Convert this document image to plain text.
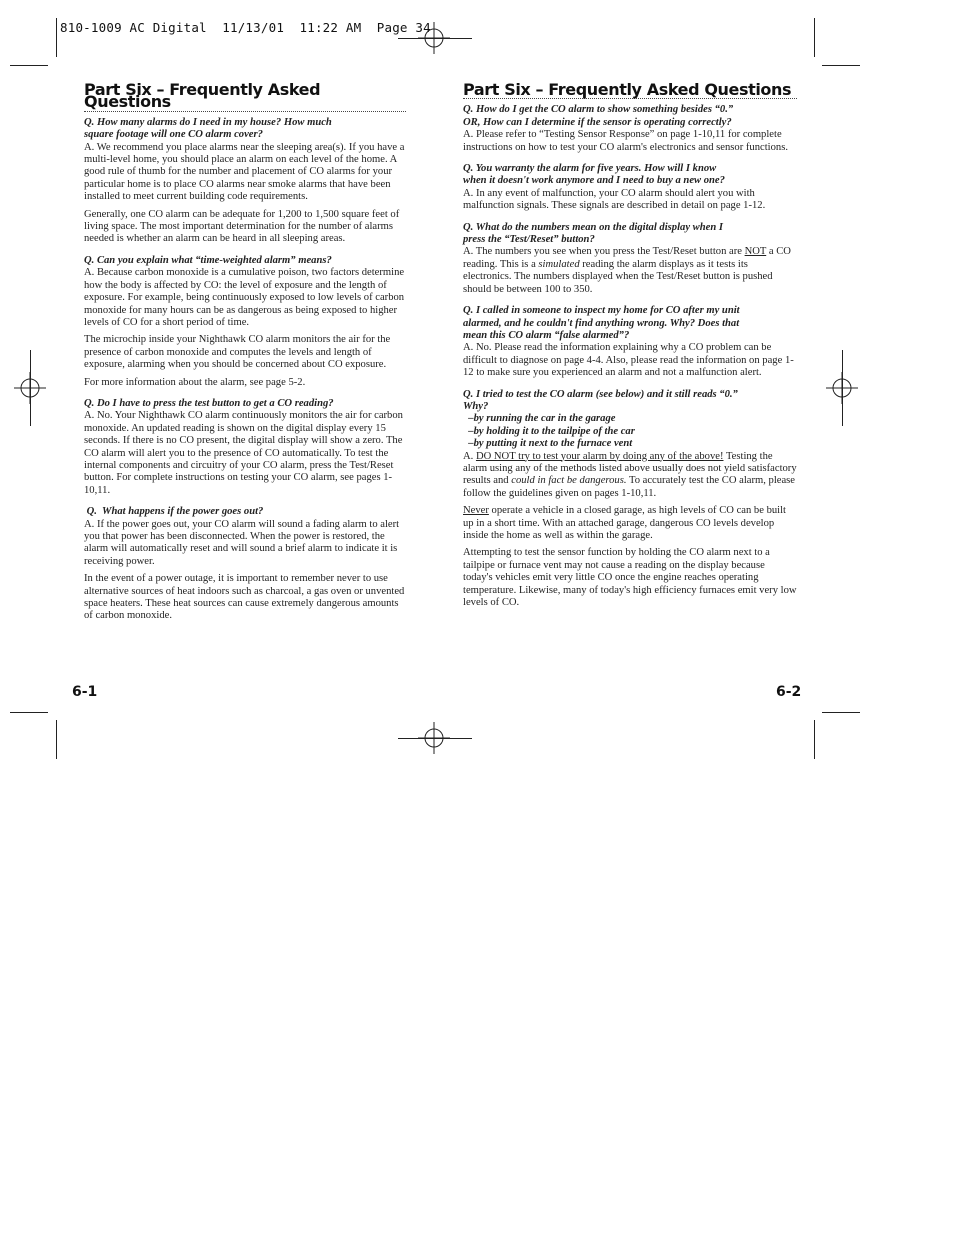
810-1009 AC Digital  11/13/01  11:22 AM  Page 34
Part Six – Frequently Asked Questions
Q. How many alarms do I need in my house? How much
square footage will one CO alarm cover?

A. We recommend you place alarms near the sleeping area(s). If you have a multi-level home, you should place an alarm on each level of the home. A good rule of thumb for the number and placement of CO alarms for your particular home is to place CO alarms near smoke alarms that have been installed to meet current building code requirements.

Generally, one CO alarm can be adequate for 1,200 to 1,500 square feet of living space. The most important determination for the number of alarms needed is whether an alarm can be heard in all sleeping areas.

Q. Can you explain what “time-weighted alarm” means?

A. Because carbon monoxide is a cumulative poison, two factors determine how the body is affected by CO: the level of exposure and the length of exposure. For example, being continuously exposed to low levels of carbon monoxide for many hours can be as dangerous as being exposed to higher levels of CO for a short period of time.

The microchip inside your Nighthawk CO alarm monitors the air for the presence of carbon monoxide and computes the levels and length of exposure, alarming when you should be concerned about CO exposure.

For more information about the alarm, see page 5-2.

Q. Do I have to press the test button to get a CO reading?

A. No. Your Nighthawk CO alarm continuously monitors the air for carbon monoxide. An updated reading is shown on the digital display every 15 seconds. If there is no CO present, the digital display will show a zero. The CO alarm will alert you to the presence of CO automatically. To test the internal components and circuitry of your CO alarm, press the Test/Reset button. For complete instructions on testing your CO alarm, see pages 1-10,11.

Q.  What happens if the power goes out?

A. If the power goes out, your CO alarm will sound a fading alarm to alert you that power has been disconnected. When the power is restored, the alarm will automatically reset and will sound a brief alarm to indicate it is receiving power.

In the event of a power outage, it is important to remember never to use alternative sources of heat indoors such as charcoal, a gas oven or unvented space heaters. These heat sources can cause extremely dangerous amounts of carbon monoxide.

6-1
Part Six – Frequently Asked Questions
Q. How do I get the CO alarm to show something besides “0.”
OR, How can I determine if the sensor is operating correctly?

A. Please refer to “Testing Sensor Response” on page 1-10,11 for complete instructions on how to test your CO alarm's electronics and sensor functions.

Q. You warranty the alarm for five years. How will I know
when it doesn't work anymore and I need to buy a new one?

A. In any event of malfunction, your CO alarm should alert you with malfunction signals. These signals are described in detail on page 1-12.

Q. What do the numbers mean on the digital display when I
press the “Test/Reset” button?

A. The numbers you see when you press the Test/Reset button are NOT a CO reading. This is a simulated reading the alarm displays as it tests its electronics. The numbers displayed when the Test/Reset button is pushed should be between 100 to 350.

Q. I called in someone to inspect my home for CO after my unit
alarmed, and he couldn't find anything wrong. Why? Does that
mean this CO alarm “false alarmed”?

A. No. Please read the information explaining why a CO problem can be difficult to diagnose on page 4-4. Also, please read the information on page 1-12 to make sure you experienced an alarm and not a malfunction alert.

Q. I tried to test the CO alarm (see below) and it still reads “0.”
Why?
–by running the car in the garage
–by holding it to the tailpipe of the car
–by putting it next to the furnace vent

A. DO NOT try to test your alarm by doing any of the above! Testing the alarm using any of the methods listed above usually does not yield satisfactory results and could in fact be dangerous. To accurately test the CO alarm, please follow the guidelines given on pages 1-10,11.

Never operate a vehicle in a closed garage, as high levels of CO can be built up in a short time. With an attached garage, dangerous CO levels develop inside the home as well as within the garage.

Attempting to test the sensor function by holding the CO alarm next to a tailpipe or furnace vent may not cause a reading on the display because today's vehicles emit very little CO once the engine reaches operating temperature. Likewise, many of today's high efficiency furnaces emit very low levels of CO.

6-2
